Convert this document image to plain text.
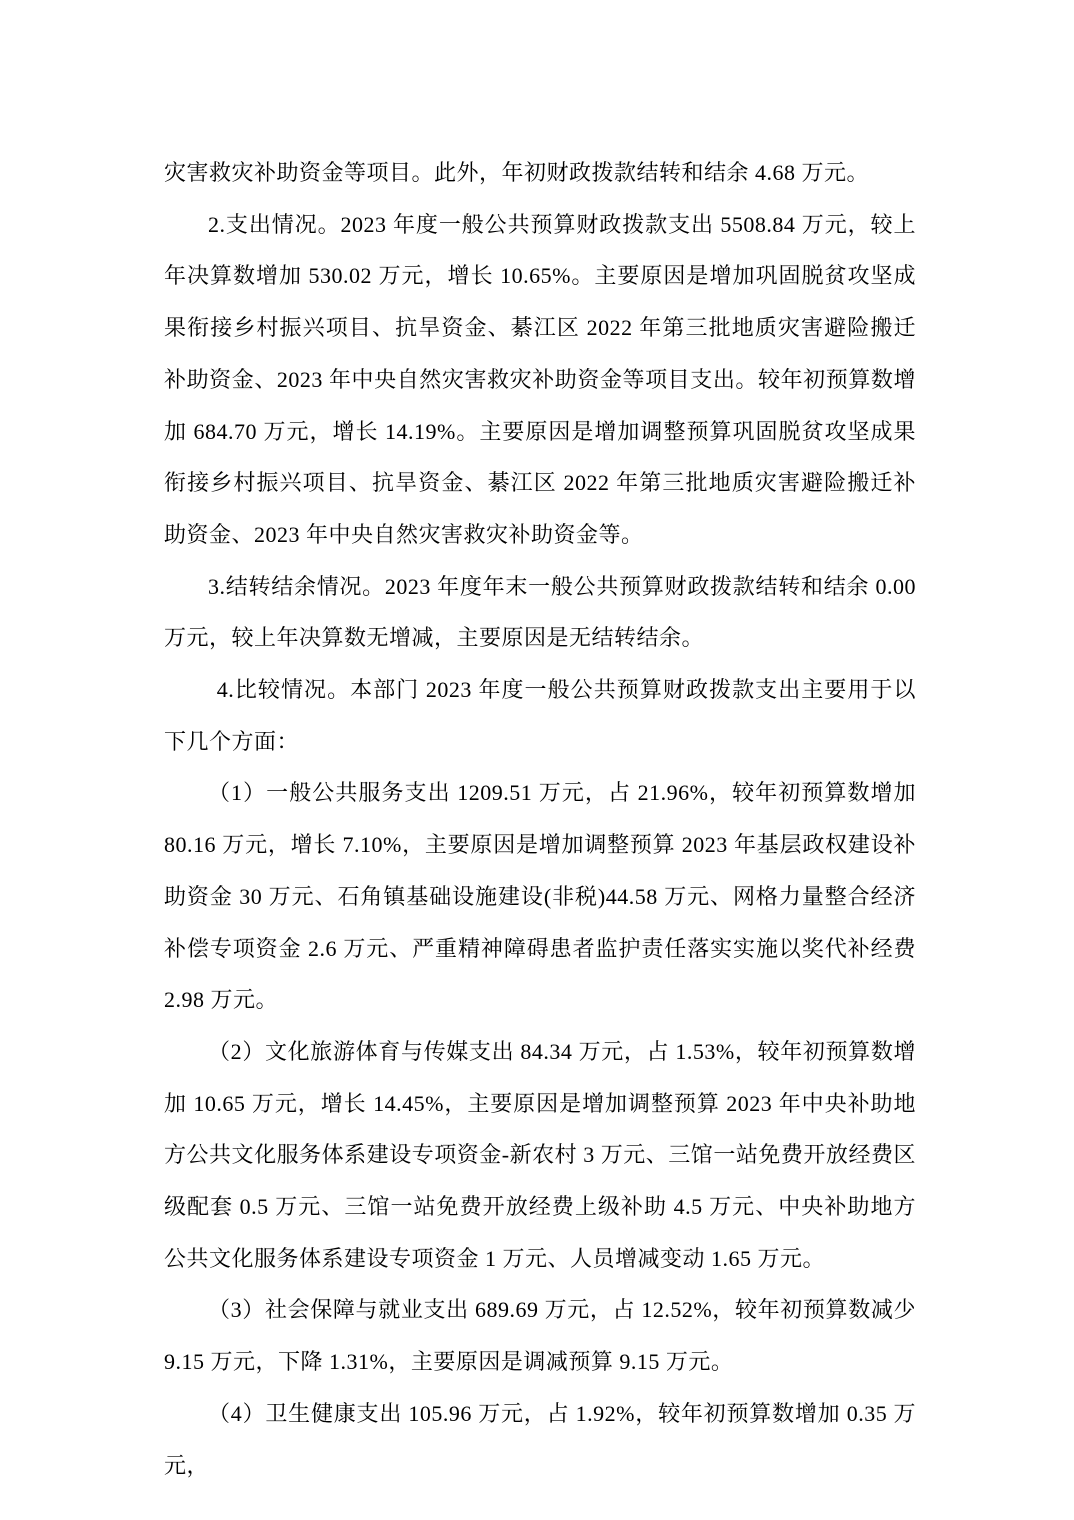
灾害救灾补助资金等项目。此外，年初财政拨款结转和结余 4.68 万元。

2.支出情况。2023 年度一般公共预算财政拨款支出 5508.84 万元，较上年决算数增加 530.02 万元，增长 10.65%。主要原因是增加巩固脱贫攻坚成果衔接乡村振兴项目、抗旱资金、綦江区 2022 年第三批地质灾害避险搬迁补助资金、2023 年中央自然灾害救灾补助资金等项目支出。较年初预算数增加 684.70 万元，增长 14.19%。主要原因是增加调整预算巩固脱贫攻坚成果衔接乡村振兴项目、抗旱资金、綦江区 2022 年第三批地质灾害避险搬迁补助资金、2023 年中央自然灾害救灾补助资金等。

3.结转结余情况。2023 年度年末一般公共预算财政拨款结转和结余 0.00 万元，较上年决算数无增减，主要原因是无结转结余。

4.比较情况。本部门 2023 年度一般公共预算财政拨款支出主要用于以下几个方面：

（1）一般公共服务支出 1209.51 万元，占 21.96%，较年初预算数增加 80.16 万元，增长 7.10%，主要原因是增加调整预算 2023 年基层政权建设补助资金 30 万元、石角镇基础设施建设(非税)44.58 万元、网格力量整合经济补偿专项资金 2.6 万元、严重精神障碍患者监护责任落实实施以奖代补经费 2.98 万元。

（2）文化旅游体育与传媒支出 84.34 万元，占 1.53%，较年初预算数增加 10.65 万元，增长 14.45%，主要原因是增加调整预算 2023 年中央补助地方公共文化服务体系建设专项资金-新农村 3 万元、三馆一站免费开放经费区级配套 0.5 万元、三馆一站免费开放经费上级补助 4.5 万元、中央补助地方公共文化服务体系建设专项资金 1 万元、人员增减变动 1.65 万元。

（3）社会保障与就业支出 689.69 万元，占 12.52%，较年初预算数减少 9.15 万元，下降 1.31%，主要原因是调减预算 9.15 万元。

（4）卫生健康支出 105.96 万元，占 1.92%，较年初预算数增加 0.35 万元，
